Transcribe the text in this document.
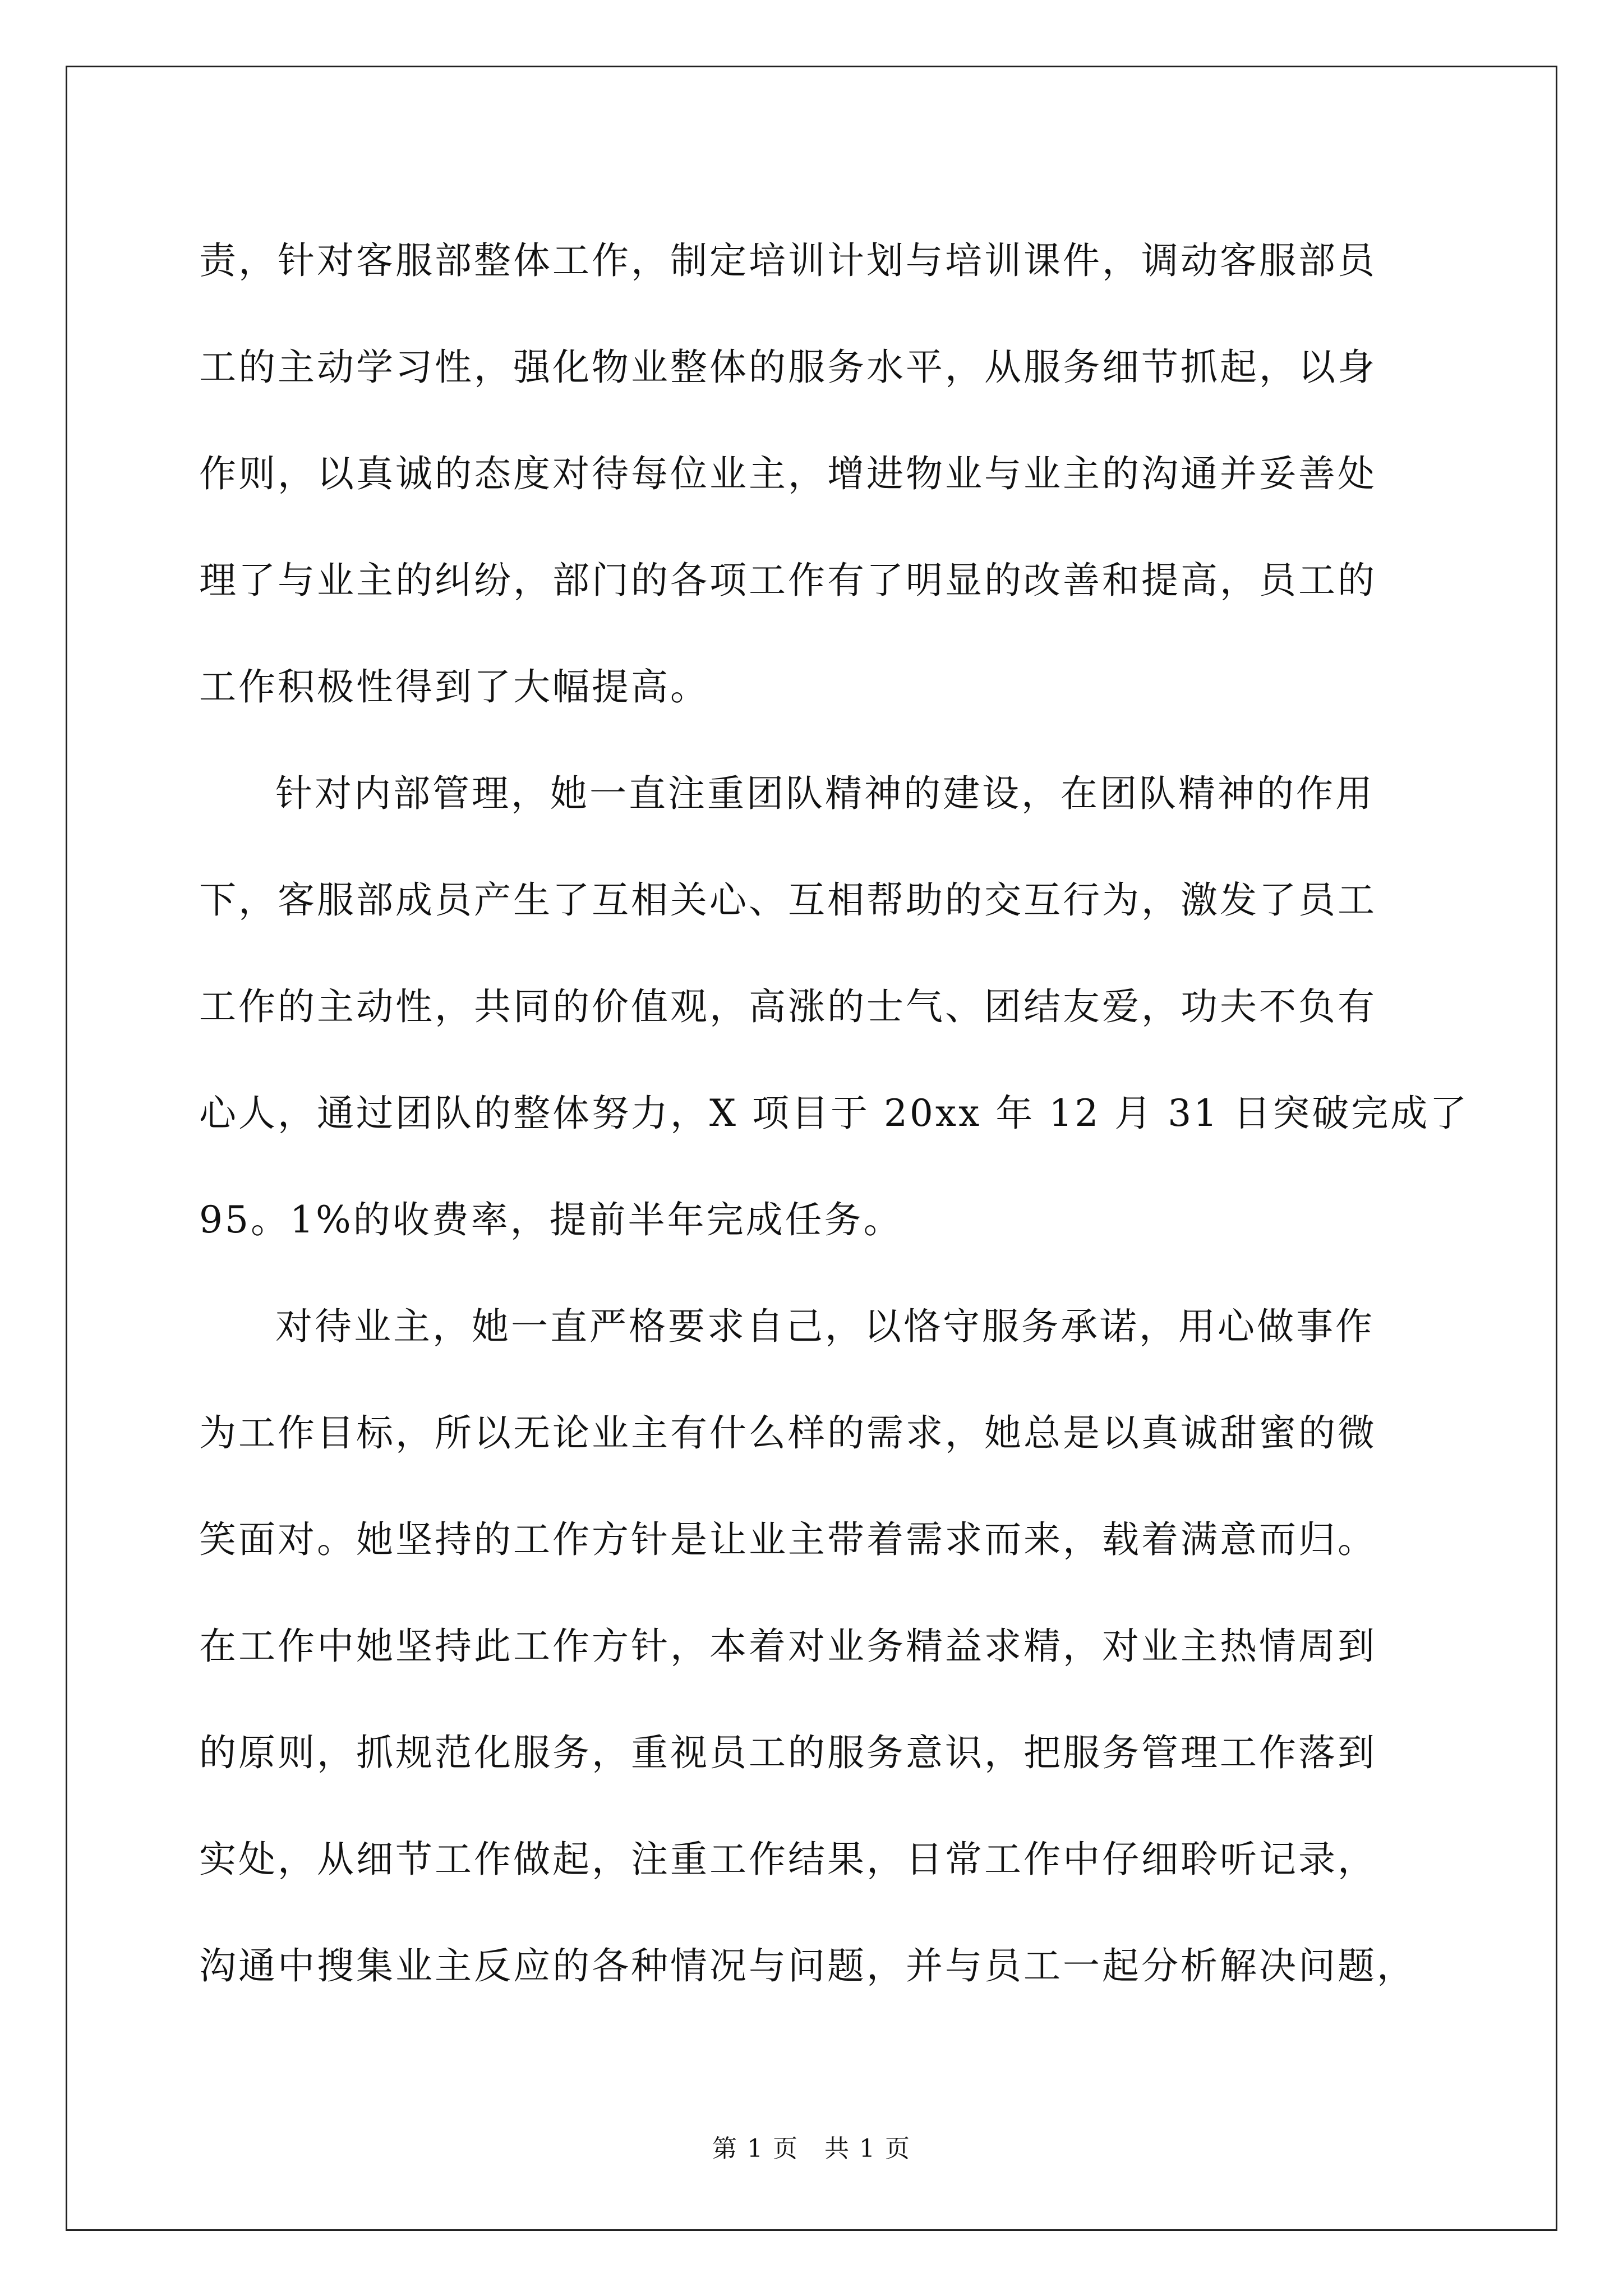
责，针对客服部整体工作，制定培训计划与培训课件，调动客服部员
工的主动学习性，强化物业整体的服务水平，从服务细节抓起，以身
作则，以真诚的态度对待每位业主，增进物业与业主的沟通并妥善处
理了与业主的纠纷，部门的各项工作有了明显的改善和提高，员工的
工作积极性得到了大幅提高。

针对内部管理，她一直注重团队精神的建设，在团队精神的作用
下，客服部成员产生了互相关心、互相帮助的交互行为，激发了员工
工作的主动性，共同的价值观，高涨的士气、团结友爱，功夫不负有
心人，通过团队的整体努力，X 项目于 20xx 年 12 月 31 日突破完成了
95。1%的收费率，提前半年完成任务。

对待业主，她一直严格要求自己，以恪守服务承诺，用心做事作
为工作目标，所以无论业主有什么样的需求，她总是以真诚甜蜜的微
笑面对。她坚持的工作方针是让业主带着需求而来，载着满意而归。
在工作中她坚持此工作方针，本着对业务精益求精，对业主热情周到
的原则，抓规范化服务，重视员工的服务意识，把服务管理工作落到
实处，从细节工作做起，注重工作结果，日常工作中仔细聆听记录，
沟通中搜集业主反应的各种情况与问题，并与员工一起分析解决问题，

第 1 页 共 1 页
